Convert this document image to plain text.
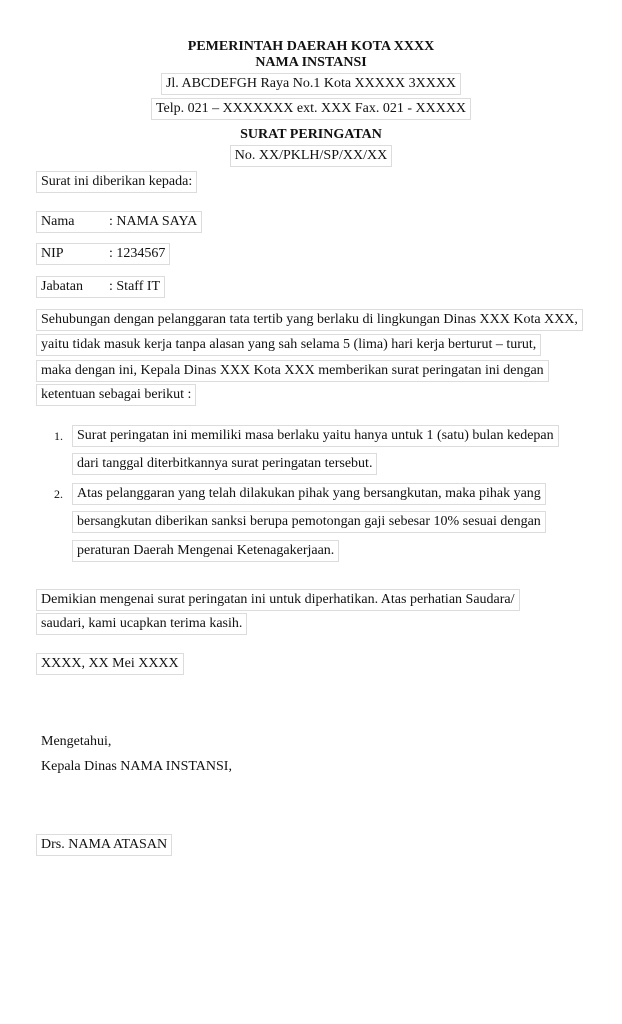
PEMERINTAH DAERAH KOTA XXXX
NAMA INSTANSI
Jl. ABCDEFGH Raya No.1 Kota XXXXX 3XXXX
Telp. 021 – XXXXXXX ext. XXX Fax. 021 - XXXXX
SURAT PERINGATAN
No. XX/PKLH/SP/XX/XX
Surat ini diberikan kepada:
Nama : NAMA SAYA
NIP	: 1234567
Jabatan : Staff IT
Sehubungan dengan pelanggaran tata tertib yang berlaku di lingkungan Dinas XXX Kota XXX,
yaitu tidak masuk kerja tanpa alasan yang sah selama 5 (lima) hari kerja berturut – turut,
maka dengan ini, Kepala Dinas XXX Kota XXX memberikan surat peringatan ini dengan
ketentuan sebagai berikut :
1.	Surat peringatan ini memiliki masa berlaku yaitu hanya untuk 1 (satu) bulan kedepan
dari tanggal diterbitkannya surat peringatan tersebut.
2.	Atas pelanggaran yang telah dilakukan pihak yang bersangkutan, maka pihak yang
bersangkutan diberikan sanksi berupa pemotongan gaji sebesar 10% sesuai dengan
peraturan Daerah Mengenai Ketenagakerjaan.
Demikian mengenai surat peringatan ini untuk diperhatikan. Atas perhatian Saudara/
saudari, kami ucapkan terima kasih.
XXXX, XX Mei XXXX
Mengetahui,
Kepala Dinas NAMA INSTANSI,
Drs. NAMA ATASAN
